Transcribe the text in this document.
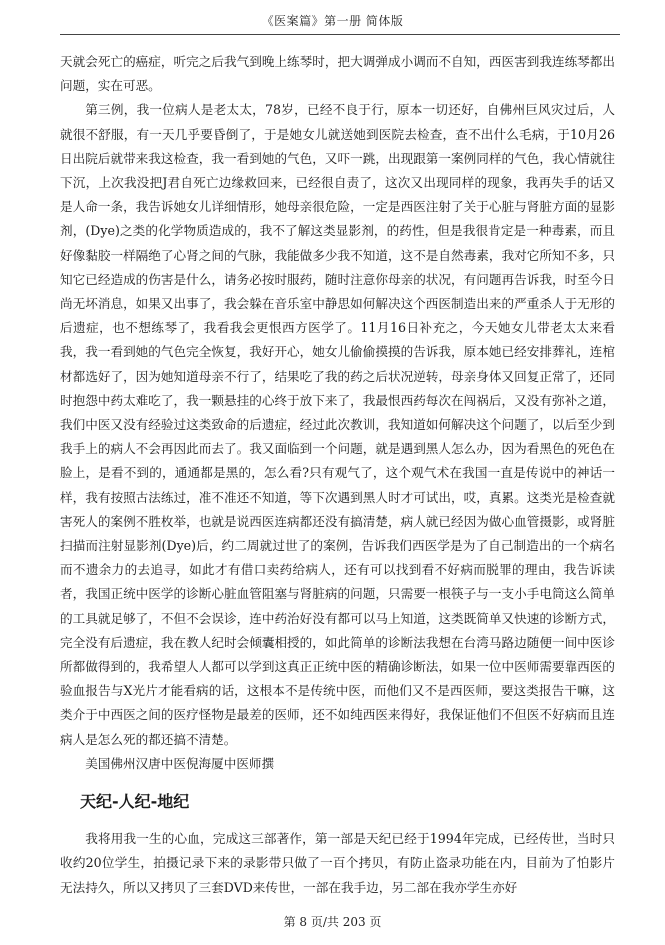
《医案篇》第一册 简体版

天就会死亡的癌症，听完之后我气到晚上练琴时，把大调弹成小调而不自知，西医害到我连练琴都出问题，实在可恶。

第三例，我一位病人是老太太，78岁，已经不良于行，原本一切还好，自佛州巨风灾过后，人就很不舒服，有一天几乎要昏倒了，于是她女儿就送她到医院去检查，查不出什么毛病，于10月26日出院后就带来我这检查，我一看到她的气色，又吓一跳，出现跟第一案例同样的气色，我心情就往下沉，上次我没把J君自死亡边缘救回来，已经很自责了，这次又出现同样的现象，我再失手的话又是人命一条，我告诉她女儿详细情形，她母亲很危险，一定是西医注射了关于心脏与肾脏方面的显影剂，(Dye)之类的化学物质造成的，我不了解这类显影剂，的药性，但是我很肯定是一种毒素，而且好像黏胶一样隔绝了心肾之间的气脉，我能做多少我不知道，这不是自然毒素，我对它所知不多，只知它已经造成的伤害是什么，请务必按时服药，随时注意你母亲的状况，有问题再告诉我，时至今日尚无坏消息，如果又出事了，我会躲在音乐室中静思如何解决这个西医制造出来的严重杀人于无形的后遗症，也不想练琴了，我看我会更恨西方医学了。11月16日补充之，今天她女儿带老太太来看我，我一看到她的气色完全恢复，我好开心，她女儿偷偷摸摸的告诉我，原本她已经安排葬礼，连棺材都选好了，因为她知道母亲不行了，结果吃了我的药之后状况逆转，母亲身体又回复正常了，还同时抱怨中药太难吃了，我一颗悬挂的心终于放下来了，我最恨西药每次在闯祸后，又没有弥补之道，我们中医又没有经验过这类致命的后遗症，经过此次教训，我知道如何解决这个问题了，以后至少到我手上的病人不会再因此而去了。我又面临到一个问题，就是遇到黑人怎么办，因为看黑色的死色在脸上，是看不到的，通通都是黑的，怎么看?只有观气了，这个观气术在我国一直是传说中的神话一样，我有按照古法练过，准不准还不知道，等下次遇到黑人时才可试出，哎，真累。这类光是检查就害死人的案例不胜枚举，也就是说西医连病都还没有搞清楚，病人就已经因为做心血管摄影，或肾脏扫描而注射显影剂(Dye)后，约二周就过世了的案例，告诉我们西医学是为了自己制造出的一个病名而不遗余力的去追寻，如此才有借口卖药给病人，还有可以找到看不好病而脱罪的理由，我告诉读者，我国正统中医学的诊断心脏血管阻塞与肾脏病的问题，只需要一根筷子与一支小手电筒这么简单的工具就足够了，不但不会误诊，连中药治好没有都可以马上知道，这类既简单又快速的诊断方式，完全没有后遗症，我在教人纪时会倾囊相授的，如此简单的诊断法我想在台湾马路边随便一间中医诊所都做得到的，我希望人人都可以学到这真正正统中医的精确诊断法，如果一位中医师需要靠西医的验血报告与X光片才能看病的话，这根本不是传统中医，而他们又不是西医师，要这类报告干嘛，这类介于中西医之间的医疗怪物是最差的医师，还不如纯西医来得好，我保证他们不但医不好病而且连病人是怎么死的都还搞不清楚。

美国佛州汉唐中医倪海厦中医师撰

天纪-人纪-地纪

我将用我一生的心血，完成这三部著作，第一部是天纪已经于1994年完成，已经传世，当时只收约20位学生，拍摄记录下来的录影带只做了一百个拷贝，有防止盗录功能在内，目前为了怕影片无法持久，所以又拷贝了三套DVD来传世，一部在我手边，另二部在我亦学生亦好

第 8 页/共 203 页
